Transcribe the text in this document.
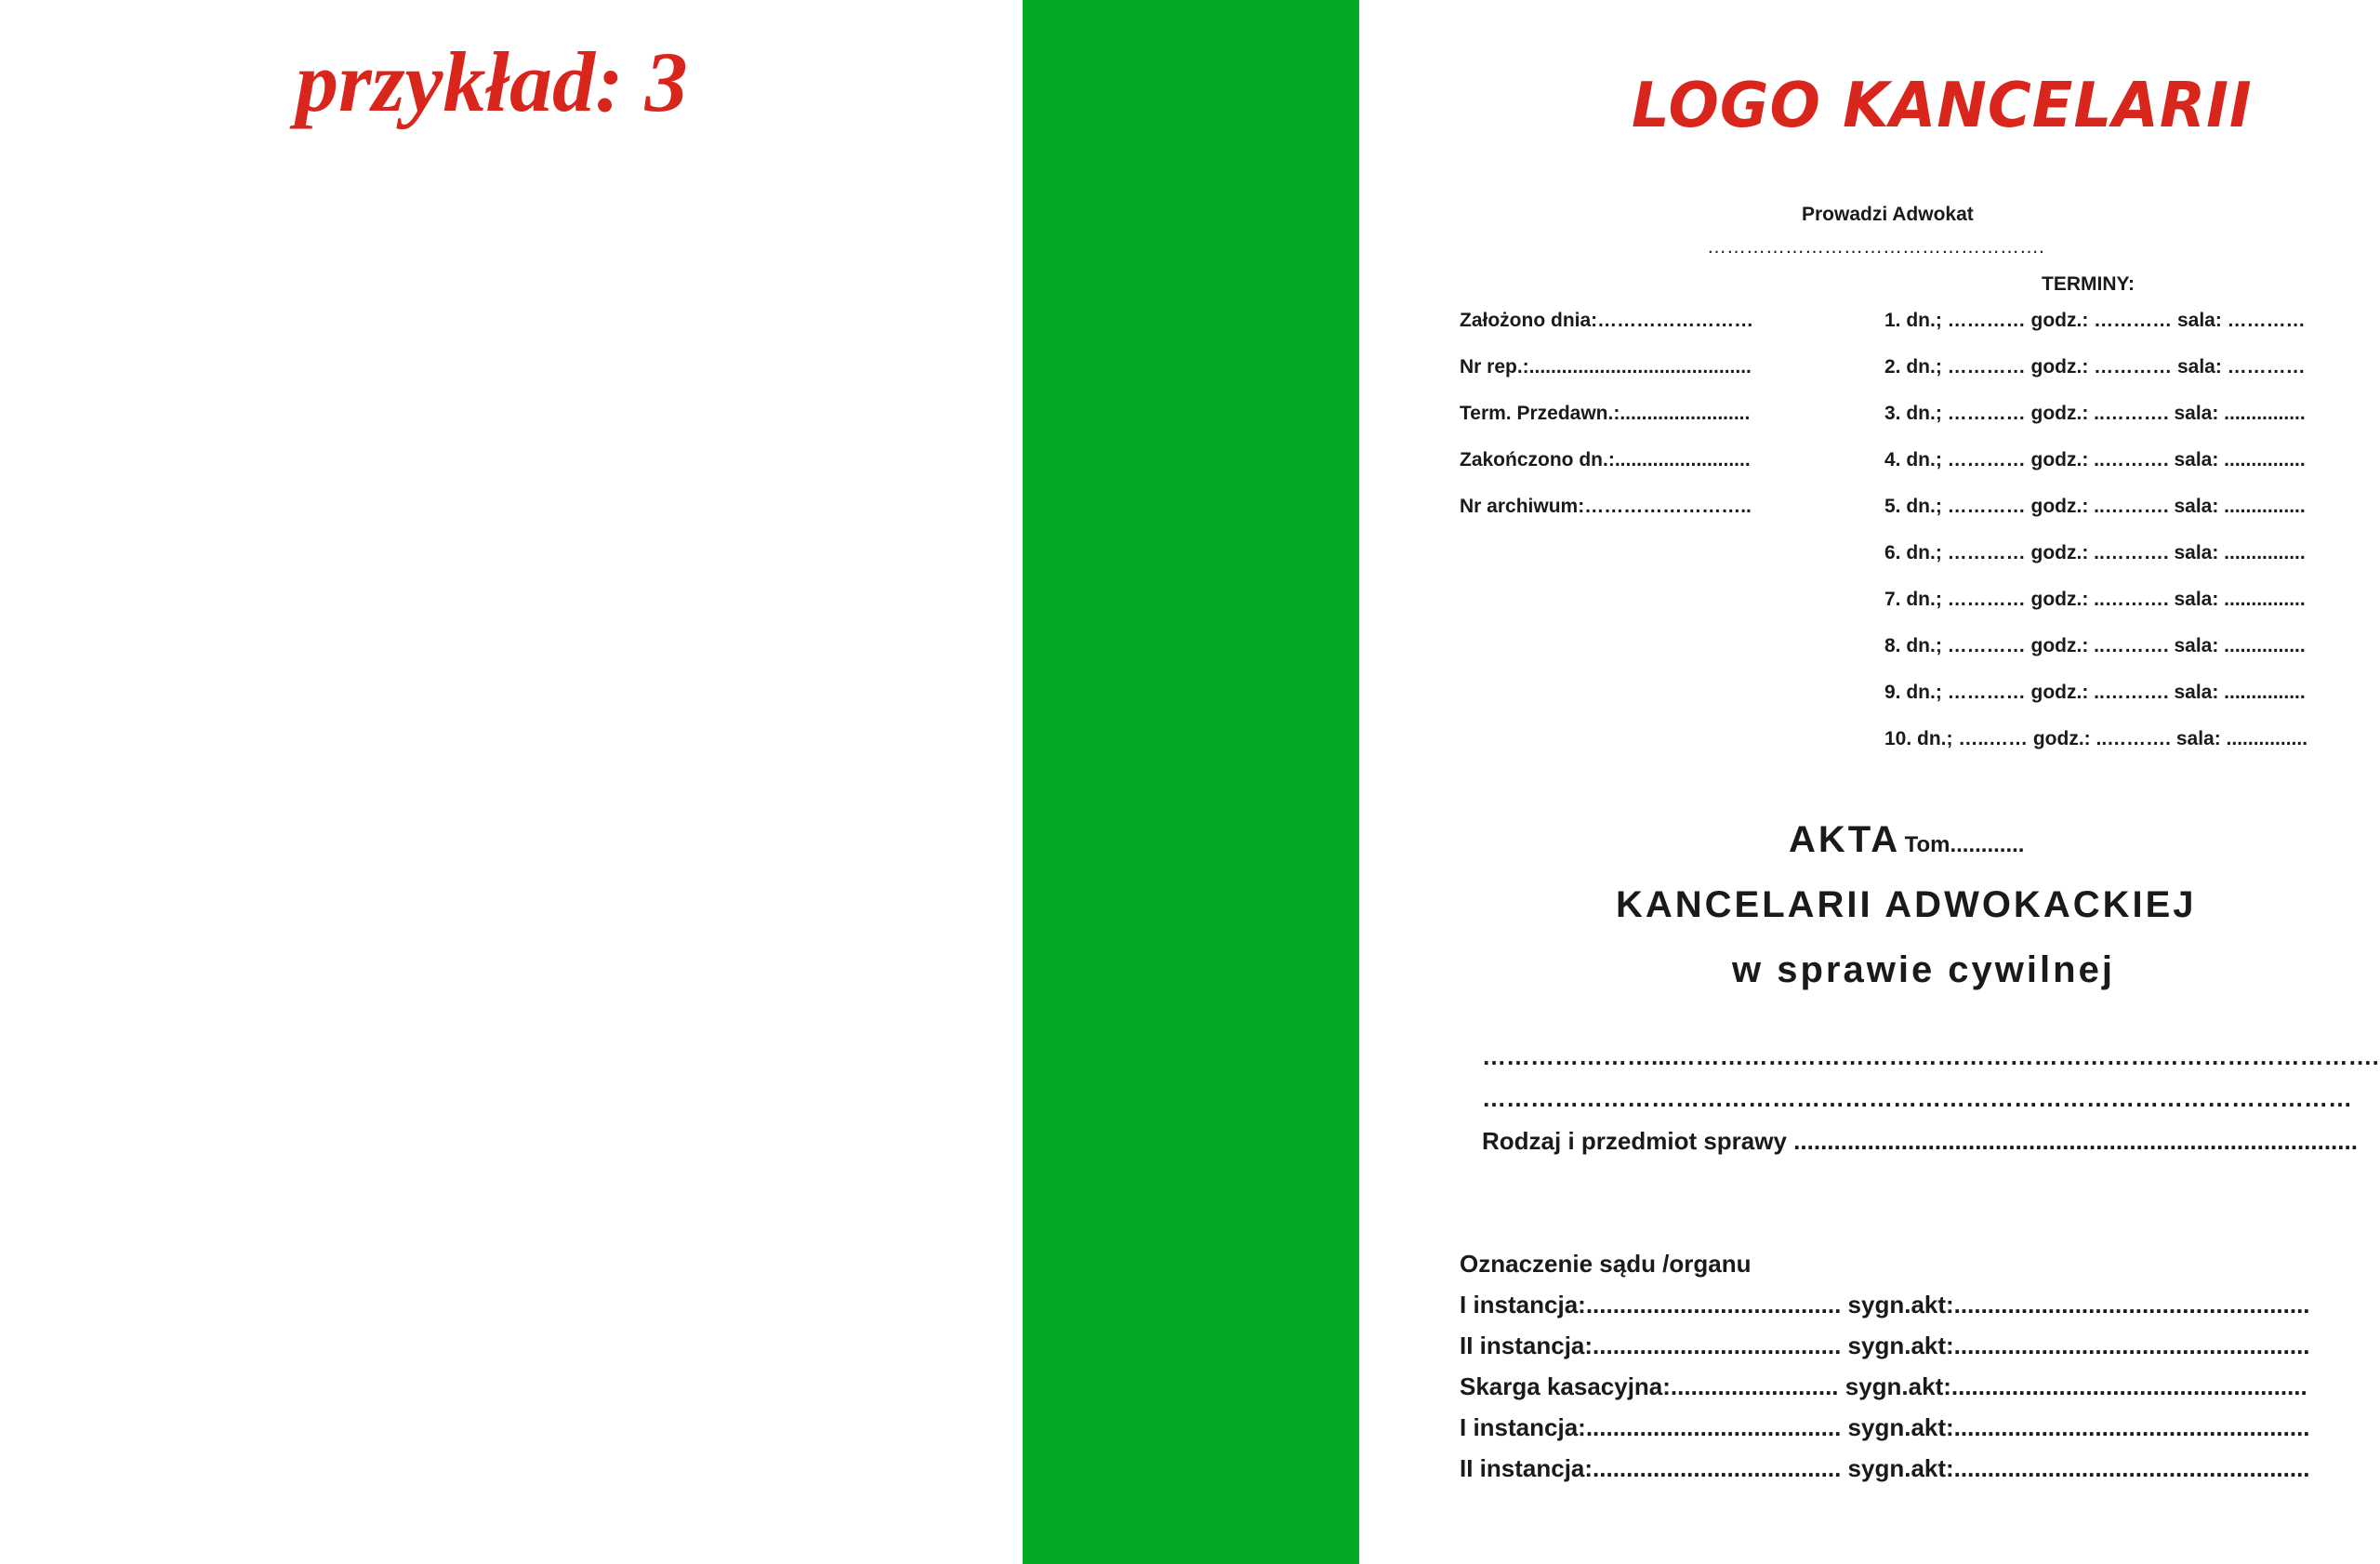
przykład: 3	LOGO KANCELARII
Prowadzi Adwokat
…………………………………………….
TERMINY:
Założono dnia:……………………
Nr rep.:.........................................
Term. Przedawn.:........................
Zakończono dn.:.........................
Nr archiwum:……………………..
1. dn.; ………… godz.: ………… sala: …………
2. dn.; ………… godz.: ………… sala: …………
3. dn.; ………… godz.: ..………. sala: ...............
4. dn.; ………… godz.: ..………. sala: ...............
5. dn.; ………… godz.: ..………. sala: ...............
6. dn.; ………… godz.: ..………. sala: ...............
7. dn.; ………… godz.: ..………. sala: ...............
8. dn.; ………… godz.: ..………. sala: ...............
9. dn.; ………… godz.: ..………. sala: ...............
10. dn.; …..…… godz.: ..………. sala: ...............
AKTA Tom............
KANCELARII ADWOKACKIEJ
w sprawie cywilnej
…………………...…………………………………………………………………………….
………………………………………………………………………………………………
Rodzaj i przedmiot sprawy ....................................................................................
Oznaczenie sądu /organu
I instancja:...................................... sygn.akt:.....................................................
II instancja:..................................... sygn.akt:.....................................................
Skarga kasacyjna:......................... sygn.akt:.....................................................
I instancja:...................................... sygn.akt:.....................................................
II instancja:..................................... sygn.akt:.....................................................
